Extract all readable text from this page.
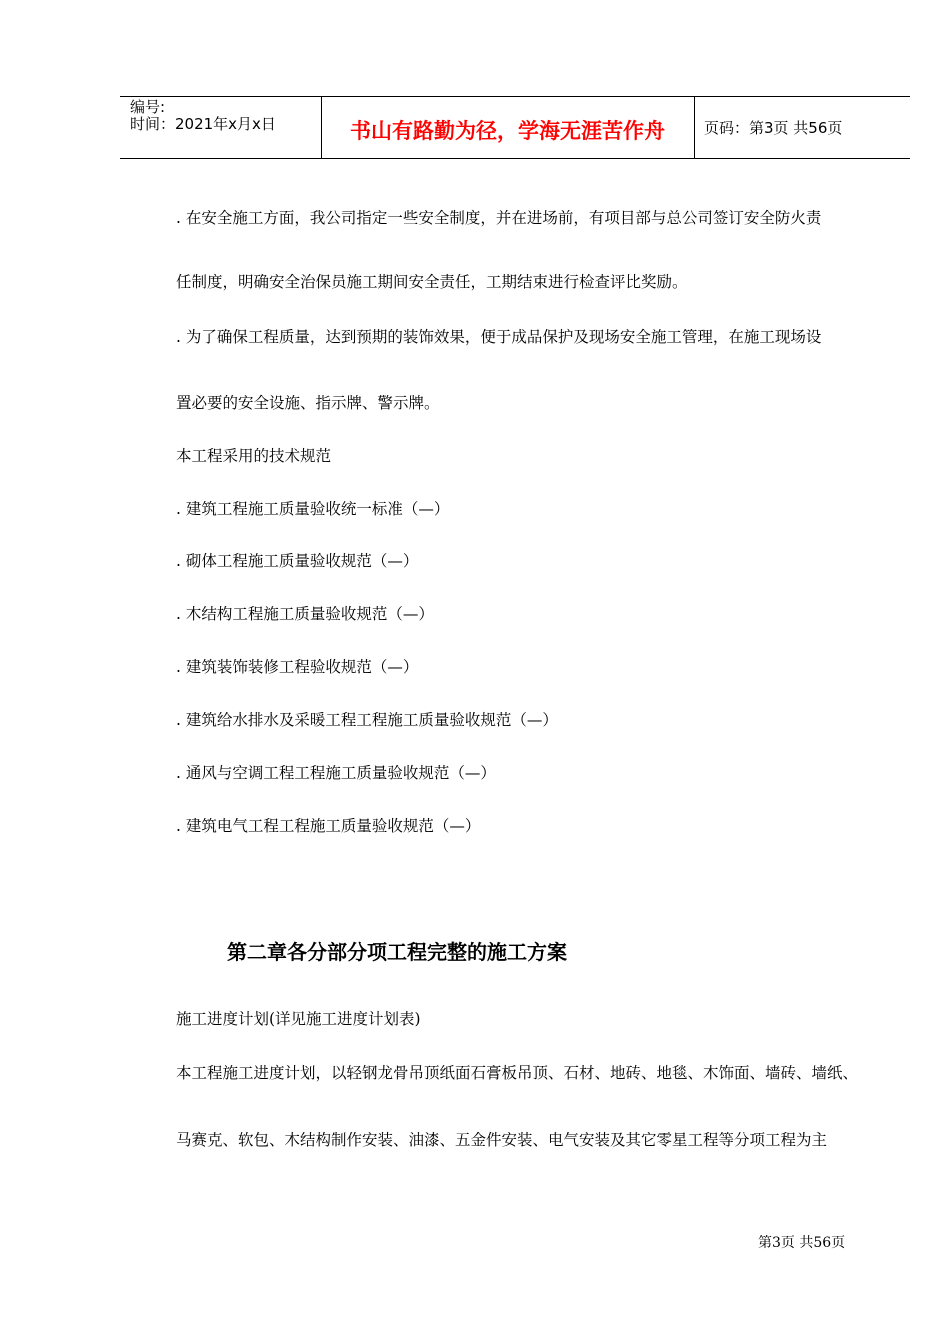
编号:
时间：2021年x月x日	书山有路勤为径，学海无涯苦作舟	页码：第3页 共56页
. 在安全施工方面，我公司指定一些安全制度，并在进场前，有项目部与总公司签订安全防火责
任制度，明确安全治保员施工期间安全责任，工期结束进行检查评比奖励。
. 为了确保工程质量，达到预期的装饰效果，便于成品保护及现场安全施工管理，在施工现场设
置必要的安全设施、指示牌、警示牌。
本工程采用的技术规范
. 建筑工程施工质量验收统一标准（—）
. 砌体工程施工质量验收规范（—）
. 木结构工程施工质量验收规范（—）
. 建筑装饰装修工程验收规范（—）
. 建筑给水排水及采暖工程工程施工质量验收规范（—）
. 通风与空调工程工程施工质量验收规范（—）
. 建筑电气工程工程施工质量验收规范（—）
第二章各分部分项工程完整的施工方案
施工进度计划(详见施工进度计划表)
本工程施工进度计划，以轻钢龙骨吊顶纸面石膏板吊顶、石材、地砖、地毯、木饰面、墙砖、墙纸、
马赛克、软包、木结构制作安装、油漆、五金件安装、电气安装及其它零星工程等分项工程为主
第3页 共56页
